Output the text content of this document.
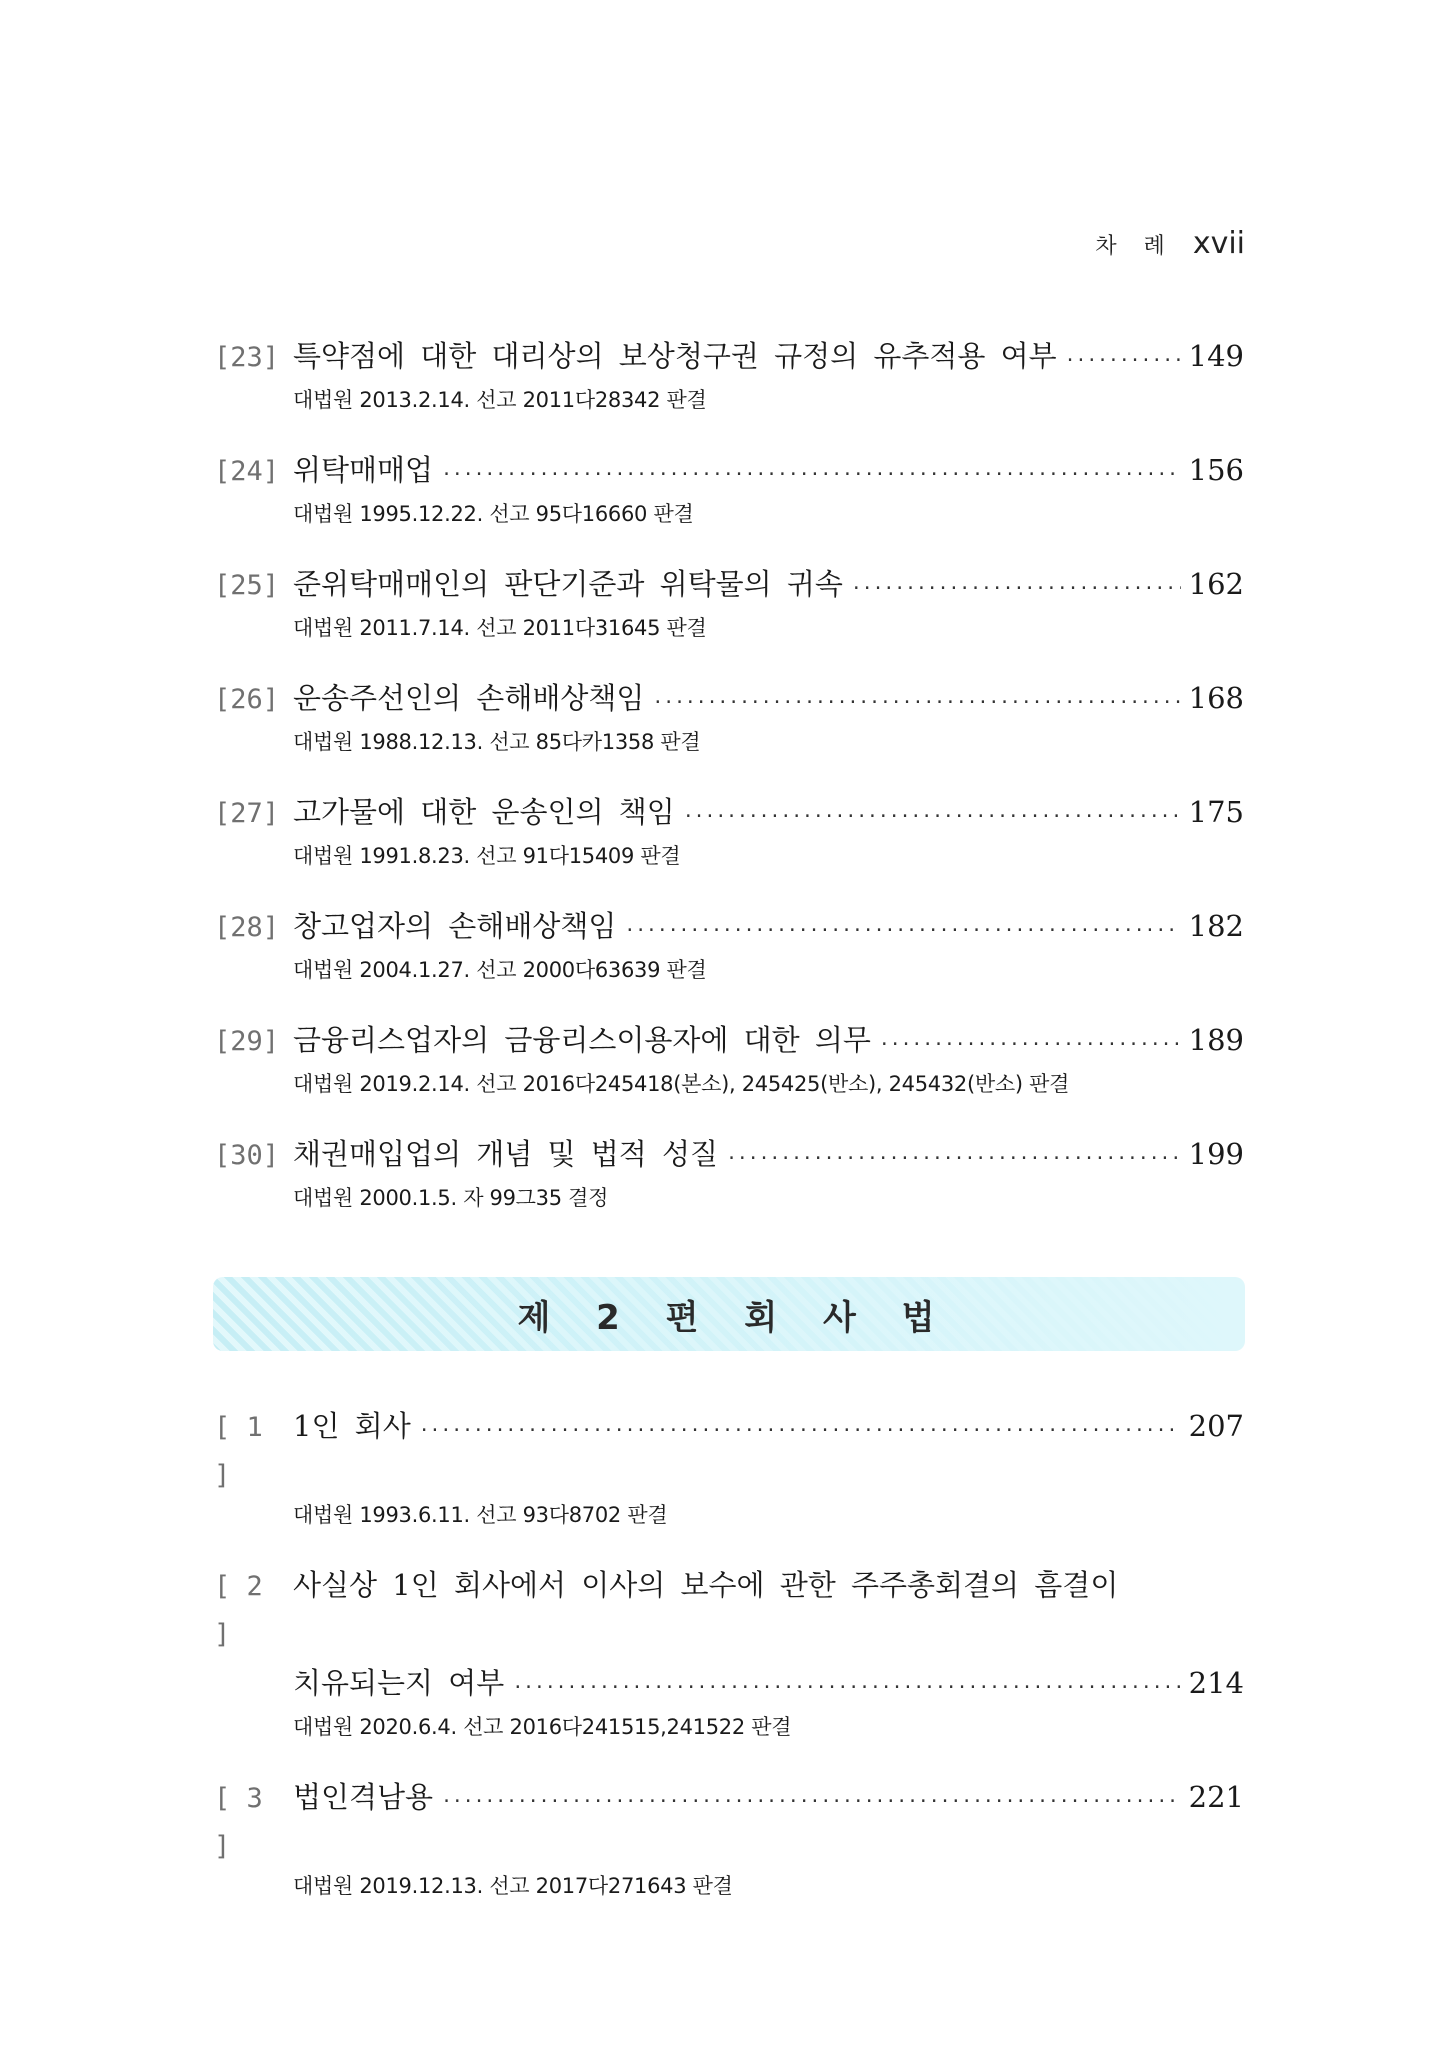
차 례 xvii
[23] 특약점에 대한 대리상의 보상청구권 규정의 유추적용 여부 ·····	149
대법원 2013.2.14. 선고 2011다28342 판결
[24] 위탁매매업 ·····	156
대법원 1995.12.22. 선고 95다16660 판결
[25] 준위탁매매인의 판단기준과 위탁물의 귀속 ·····	162
대법원 2011.7.14. 선고 2011다31645 판결
[26] 운송주선인의 손해배상책임 ·····	168
대법원 1988.12.13. 선고 85다카1358 판결
[27] 고가물에 대한 운송인의 책임 ·····	175
대법원 1991.8.23. 선고 91다15409 판결
[28] 창고업자의 손해배상책임 ·····	182
대법원 2004.1.27. 선고 2000다63639 판결
[29] 금융리스업자의 금융리스이용자에 대한 의무 ·····	189
대법원 2019.2.14. 선고 2016다245418(본소), 245425(반소), 245432(반소) 판결
[30] 채권매입업의 개념 및 법적 성질 ·····	199
대법원 2000.1.5. 자 99그35 결정
제 2 편 회 사 법
[ 1 ]
1인 회사 ·····	207
대법원 1993.6.11. 선고 93다8702 판결
[ 2 ]
사실상 1인 회사에서 이사의 보수에 관한 주주총회결의 흠결이
치유되는지 여부 ·····	214
대법원 2020.6.4. 선고 2016다241515,241522 판결
[ 3 ]
법인격남용 ·····	221
대법원 2019.12.13. 선고 2017다271643 판결
